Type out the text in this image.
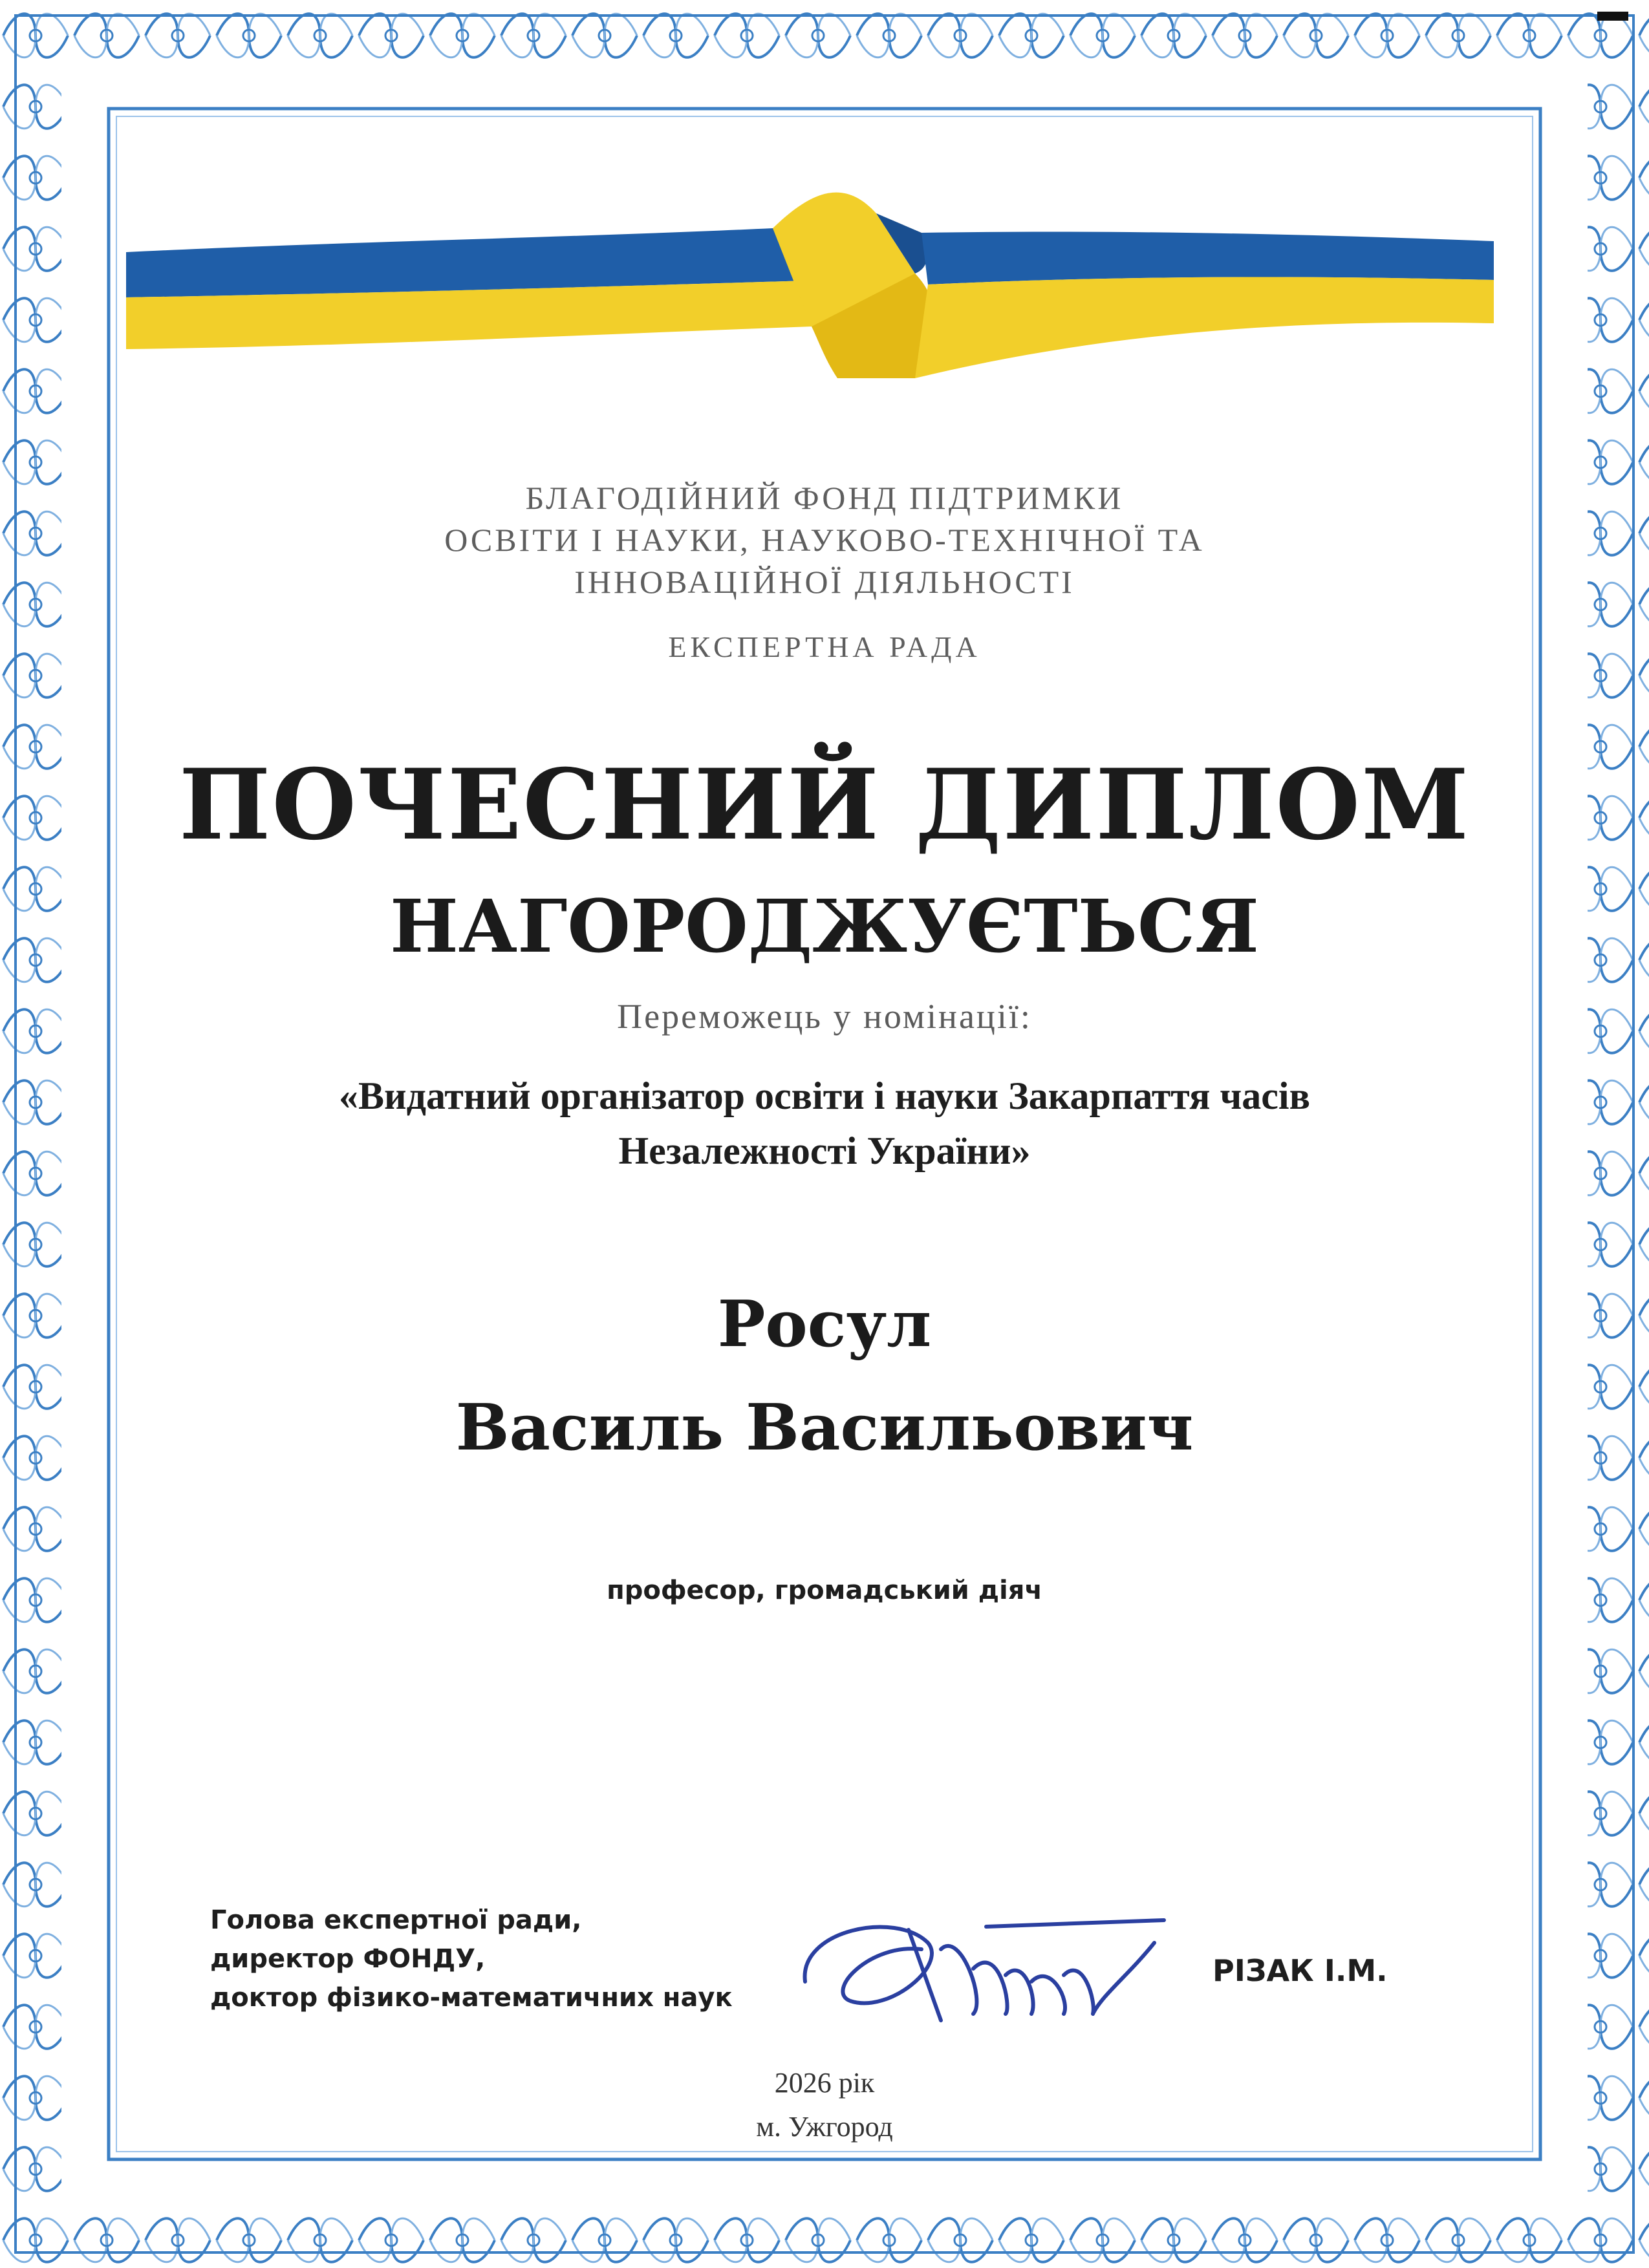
БЛАГОДІЙНИЙ ФОНД ПІДТРИМКИ
ОСВІТИ І НАУКИ, НАУКОВО-ТЕХНІЧНОЇ ТА
ІННОВАЦІЙНОЇ ДІЯЛЬНОСТІ
ЕКСПЕРТНА РАДА
ПОЧЕСНИЙ ДИПЛОМ
НАГОРОДЖУЄТЬСЯ
Переможець у номінації:
«Видатний організатор освіти і науки Закарпаття часів
Незалежності України»
Росул
Василь Васильович
професор, громадський діяч
Голова експертної ради,
директор ФОНДУ,
доктор фізико-математичних наук
РІЗАК І.М.
2026 рік
м. Ужгород
